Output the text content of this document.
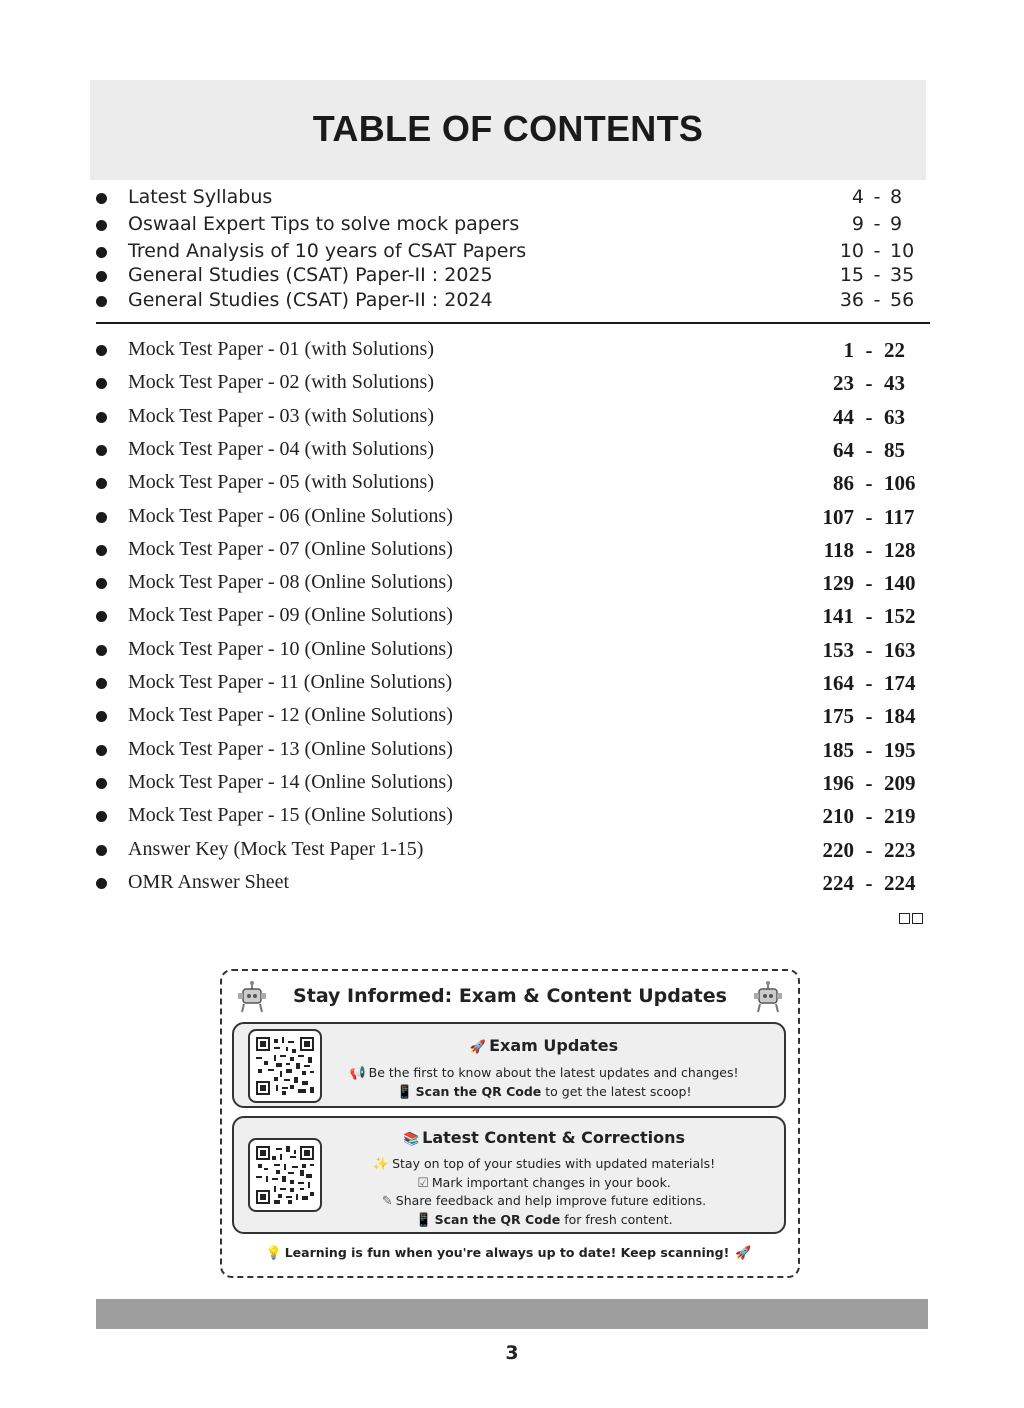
TABLE OF CONTENTS
Latest Syllabus	4 - 8
Oswaal Expert Tips to solve mock papers	9 - 9
Trend Analysis of 10 years of CSAT Papers	10 - 10
General Studies (CSAT) Paper-II : 2025	15 - 35
General Studies (CSAT) Paper-II : 2024	36 - 56
Mock Test Paper - 01 (with Solutions)	1 - 22
Mock Test Paper - 02 (with Solutions)	23 - 43
Mock Test Paper - 03 (with Solutions)	44 - 63
Mock Test Paper - 04 (with Solutions)	64 - 85
Mock Test Paper - 05 (with Solutions)	86 - 106
Mock Test Paper - 06 (Online Solutions)	107 - 117
Mock Test Paper - 07 (Online Solutions)	118 - 128
Mock Test Paper - 08 (Online Solutions)	129 - 140
Mock Test Paper - 09 (Online Solutions)	141 - 152
Mock Test Paper - 10 (Online Solutions)	153 - 163
Mock Test Paper - 11 (Online Solutions)	164 - 174
Mock Test Paper - 12 (Online Solutions)	175 - 184
Mock Test Paper - 13 (Online Solutions)	185 - 195
Mock Test Paper - 14 (Online Solutions)	196 - 209
Mock Test Paper - 15 (Online Solutions)	210 - 219
Answer Key (Mock Test Paper 1-15)	220 - 223
OMR Answer Sheet	224 - 224
Stay Informed: Exam & Content Updates
🚀 Exam Updates
📢 Be the first to know about the latest updates and changes!
📱 Scan the QR Code to get the latest scoop!
📚 Latest Content & Corrections
✨ Stay on top of your studies with updated materials!
☑ Mark important changes in your book.
✎ Share feedback and help improve future editions.
📱 Scan the QR Code for fresh content.
💡 Learning is fun when you're always up to date! Keep scanning! 🚀
3
